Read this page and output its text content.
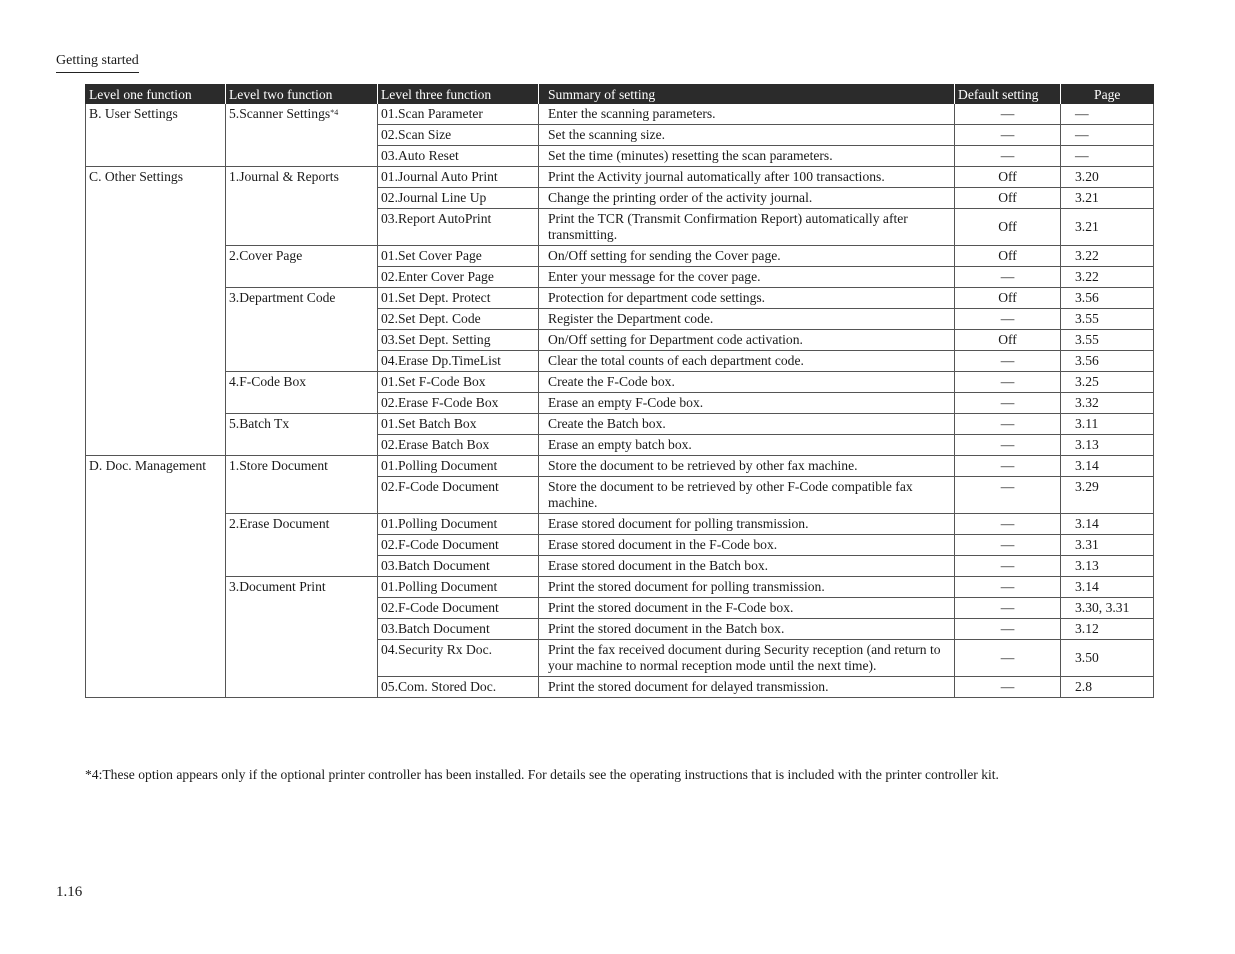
Getting started
Level one function	Level two function	Level three function	Summary of setting	Default setting	Page
B. User Settings	5.Scanner Settings$^{*4}$	01.Scan Parameter	Enter the scanning parameters.	—	—
		02.Scan Size	Set the scanning size.	—	—
		03.Auto Reset	Set the time (minutes) resetting the scan parameters.	—	—
C. Other Settings	1.Journal & Reports	01.Journal Auto Print	Print the Activity journal automatically after 100 transactions.	Off	3.20
		02.Journal Line Up	Change the printing order of the activity journal.	Off	3.21
		03.Report AutoPrint	Print the TCR (Transmit Confirmation Report) automatically after transmitting.	Off	3.21
	2.Cover Page	01.Set Cover Page	On/Off setting for sending the Cover page.	Off	3.22
		02.Enter Cover Page	Enter your message for the cover page.	—	3.22
	3.Department Code	01.Set Dept. Protect	Protection for department code settings.	Off	3.56
		02.Set Dept. Code	Register the Department code.	—	3.55
		03.Set Dept. Setting	On/Off setting for Department code activation.	Off	3.55
		04.Erase Dp.TimeList	Clear the total counts of each department code.	—	3.56
	4.F-Code Box	01.Set F-Code Box	Create the F-Code box.	—	3.25
		02.Erase F-Code Box	Erase an empty F-Code box.	—	3.32
	5.Batch Tx	01.Set Batch Box	Create the Batch box.	—	3.11
		02.Erase Batch Box	Erase an empty batch box.	—	3.13
D. Doc. Management	1.Store Document	01.Polling Document	Store the document to be retrieved by other fax machine.	—	3.14
		02.F-Code Document	Store the document to be retrieved by other F-Code compatible fax machine.	—	3.29
	2.Erase Document	01.Polling Document	Erase stored document for polling transmission.	—	3.14
		02.F-Code Document	Erase stored document in the F-Code box.	—	3.31
		03.Batch Document	Erase stored document in the Batch box.	—	3.13
	3.Document Print	01.Polling Document	Print the stored document for polling transmission.	—	3.14
		02.F-Code Document	Print the stored document in the F-Code box.	—	3.30, 3.31
		03.Batch Document	Print the stored document in the Batch box.	—	3.12
		04.Security Rx Doc.	Print the fax received document during Security reception (and return to your machine to normal reception mode until the next time).	—	3.50
		05.Com. Stored Doc.	Print the stored document for delayed transmission.	—	2.8
*4:These option appears only if the optional printer controller has been installed. For details see the operating instructions that is included with the printer controller kit.
1.16
